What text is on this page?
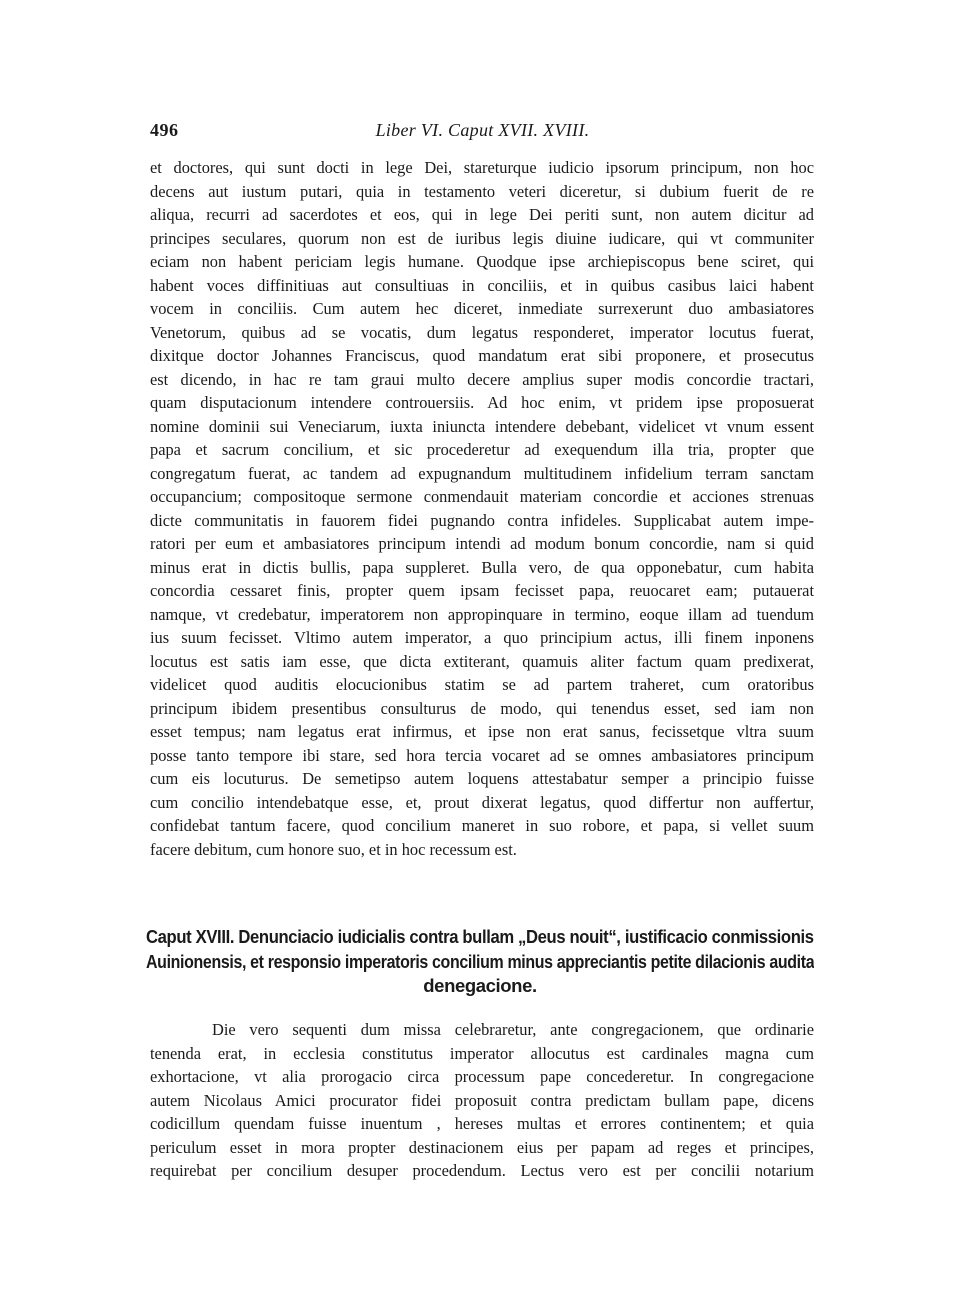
496	Liber VI. Caput XVII. XVIII.
et doctores, qui sunt docti in lege Dei, stareturque iudicio ipsorum principum, non hoc
decens aut iustum putari, quia in testamento veteri diceretur, si dubium fuerit de re
aliqua, recurri ad sacerdotes et eos, qui in lege Dei periti sunt, non autem dicitur ad
principes seculares, quorum non est de iuribus legis diuine iudicare, qui vt communiter
eciam non habent periciam legis humane. Quodque ipse archiepiscopus bene sciret, qui
habent voces diffinitiuas aut consultiuas in conciliis, et in quibus casibus laici habent
vocem in conciliis. Cum autem hec diceret, inmediate surrexerunt duo ambasiatores
Venetorum, quibus ad se vocatis, dum legatus responderet, imperator locutus fuerat,
dixitque doctor Johannes Franciscus, quod mandatum erat sibi proponere, et prosecutus
est dicendo, in hac re tam graui multo decere amplius super modis concordie tractari,
quam disputacionum intendere controuersiis. Ad hoc enim, vt pridem ipse proposuerat
nomine dominii sui Veneciarum, iuxta iniuncta intendere debebant, videlicet vt vnum essent
papa et sacrum concilium, et sic procederetur ad exequendum illa tria, propter que
congregatum fuerat, ac tandem ad expugnandum multitudinem infidelium terram sanctam
occupancium; compositoque sermone conmendauit materiam concordie et acciones strenuas
dicte communitatis in fauorem fidei pugnando contra infideles. Supplicabat autem impe-
ratori per eum et ambasiatores principum intendi ad modum bonum concordie, nam si quid
minus erat in dictis bullis, papa suppleret. Bulla vero, de qua opponebatur, cum habita
concordia cessaret finis, propter quem ipsam fecisset papa, reuocaret eam; putauerat
namque, vt credebatur, imperatorem non appropinquare in termino, eoque illam ad tuendum
ius suum fecisset. Vltimo autem imperator, a quo principium actus, illi finem inponens
locutus est satis iam esse, que dicta extiterant, quamuis aliter factum quam predixerat,
videlicet quod auditis elocucionibus statim se ad partem traheret, cum oratoribus
principum ibidem presentibus consulturus de modo, qui tenendus esset, sed iam non
esset tempus; nam legatus erat infirmus, et ipse non erat sanus, fecissetque vltra suum
posse tanto tempore ibi stare, sed hora tercia vocaret ad se omnes ambasiatores principum
cum eis locuturus. De semetipso autem loquens attestabatur semper a principio fuisse
cum concilio intendebatque esse, et, prout dixerat legatus, quod differtur non auffertur,
confidebat tantum facere, quod concilium maneret in suo robore, et papa, si vellet suum
facere debitum, cum honore suo, et in hoc recessum est.
Caput XVIII. Denunciacio iudicialis contra bullam „Deus nouit“, iustificacio conmissionis
Auinionensis, et responsio imperatoris concilium minus appreciantis petite dilacionis audita
denegacione.
Die vero sequenti dum missa celebraretur, ante congregacionem, que ordinarie
tenenda erat, in ecclesia constitutus imperator allocutus est cardinales magna cum
exhortacione, vt alia prorogacio circa processum pape concederetur. In congregacione
autem Nicolaus Amici procurator fidei proposuit contra predictam bullam pape, dicens
codicillum quendam fuisse inuentum , hereses multas et errores continentem; et quia
periculum esset in mora propter destinacionem eius per papam ad reges et principes,
requirebat per concilium desuper procedendum. Lectus vero est per concilii notarium
